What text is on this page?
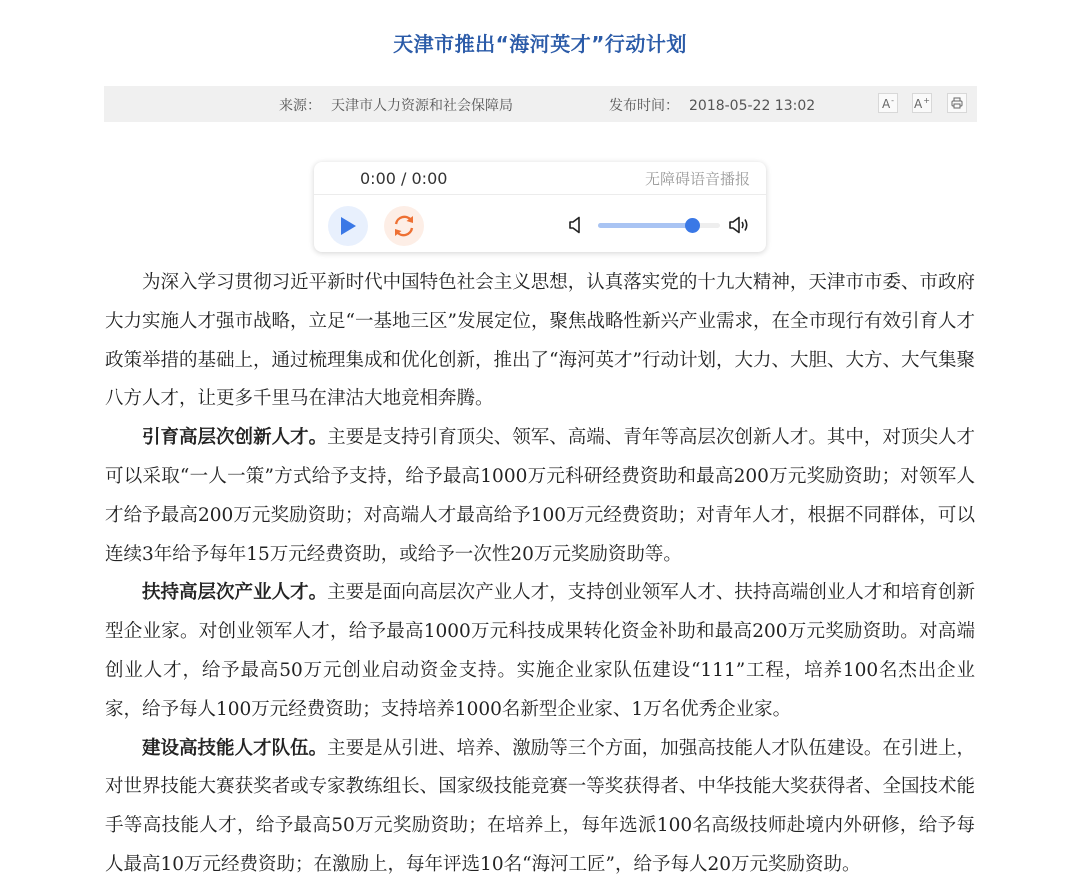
天津市推出“海河英才”行动计划
来源： 天津市人力资源和社会保障局	发布时间： 2018-05-22 13:02	A- A+
0:00 / 0:00	无障碍语音播报

为深入学习贯彻习近平新时代中国特色社会主义思想，认真落实党的十九大精神，天津市市委、市政府大力实施人才强市战略，立足“一基地三区”发展定位，聚焦战略性新兴产业需求，在全市现行有效引育人才政策举措的基础上，通过梳理集成和优化创新，推出了“海河英才”行动计划，大力、大胆、大方、大气集聚八方人才，让更多千里马在津沽大地竞相奔腾。

引育高层次创新人才。主要是支持引育顶尖、领军、高端、青年等高层次创新人才。其中，对顶尖人才可以采取“一人一策”方式给予支持，给予最高1000万元科研经费资助和最高200万元奖励资助；对领军人才给予最高200万元奖励资助；对高端人才最高给予100万元经费资助；对青年人才，根据不同群体，可以连续3年给予每年15万元经费资助，或给予一次性20万元奖励资助等。

扶持高层次产业人才。主要是面向高层次产业人才，支持创业领军人才、扶持高端创业人才和培育创新型企业家。对创业领军人才，给予最高1000万元科技成果转化资金补助和最高200万元奖励资助。对高端创业人才，给予最高50万元创业启动资金支持。实施企业家队伍建设“111”工程，培养100名杰出企业家，给予每人100万元经费资助；支持培养1000名新型企业家、1万名优秀企业家。

建设高技能人才队伍。主要是从引进、培养、激励等三个方面，加强高技能人才队伍建设。在引进上，对世界技能大赛获奖者或专家教练组长、国家级技能竞赛一等奖获得者、中华技能大奖获得者、全国技术能手等高技能人才，给予最高50万元奖励资助；在培养上，每年选派100名高级技师赴境内外研修，给予每人最高10万元经费资助；在激励上，每年评选10名“海河工匠”，给予每人20万元奖励资助。
